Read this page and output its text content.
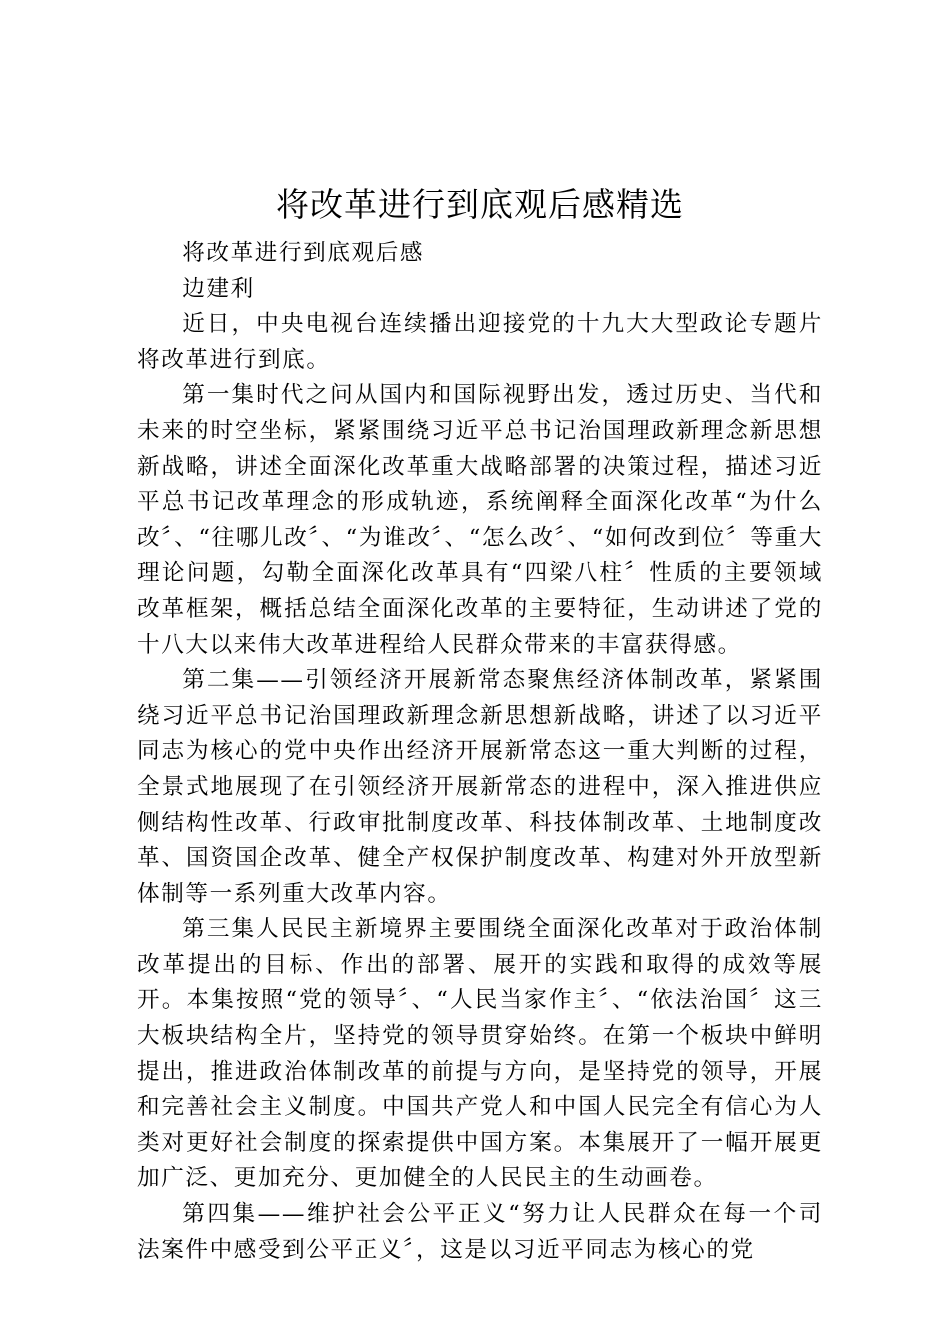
将改革进行到底观后感精选

将改革进行到底观后感

边建利

近日，中央电视台连续播出迎接党的十九大大型政论专题片将改革进行到底。

第一集时代之问从国内和国际视野出发，透过历史、当代和未来的时空坐标，紧紧围绕习近平总书记治国理政新理念新思想新战略，讲述全面深化改革重大战略部署的决策过程，描述习近平总书记改革理念的形成轨迹，系统阐释全面深化改革“为什么改〞、“往哪儿改〞、“为谁改〞、“怎么改〞、“如何改到位〞等重大理论问题，勾勒全面深化改革具有“四梁八柱〞性质的主要领域改革框架，概括总结全面深化改革的主要特征，生动讲述了党的十八大以来伟大改革进程给人民群众带来的丰富获得感。

第二集——引领经济开展新常态聚焦经济体制改革，紧紧围绕习近平总书记治国理政新理念新思想新战略，讲述了以习近平同志为核心的党中央作出经济开展新常态这一重大判断的过程，全景式地展现了在引领经济开展新常态的进程中，深入推进供应侧结构性改革、行政审批制度改革、科技体制改革、土地制度改革、国资国企改革、健全产权保护制度改革、构建对外开放型新体制等一系列重大改革内容。

第三集人民民主新境界主要围绕全面深化改革对于政治体制改革提出的目标、作出的部署、展开的实践和取得的成效等展开。本集按照“党的领导〞、“人民当家作主〞、“依法治国〞这三大板块结构全片，坚持党的领导贯穿始终。在第一个板块中鲜明提出，推进政治体制改革的前提与方向，是坚持党的领导，开展和完善社会主义制度。中国共产党人和中国人民完全有信心为人类对更好社会制度的探索提供中国方案。本集展开了一幅开展更加广泛、更加充分、更加健全的人民民主的生动画卷。

第四集——维护社会公平正义“努力让人民群众在每一个司法案件中感受到公平正义〞，这是以习近平同志为核心的党
